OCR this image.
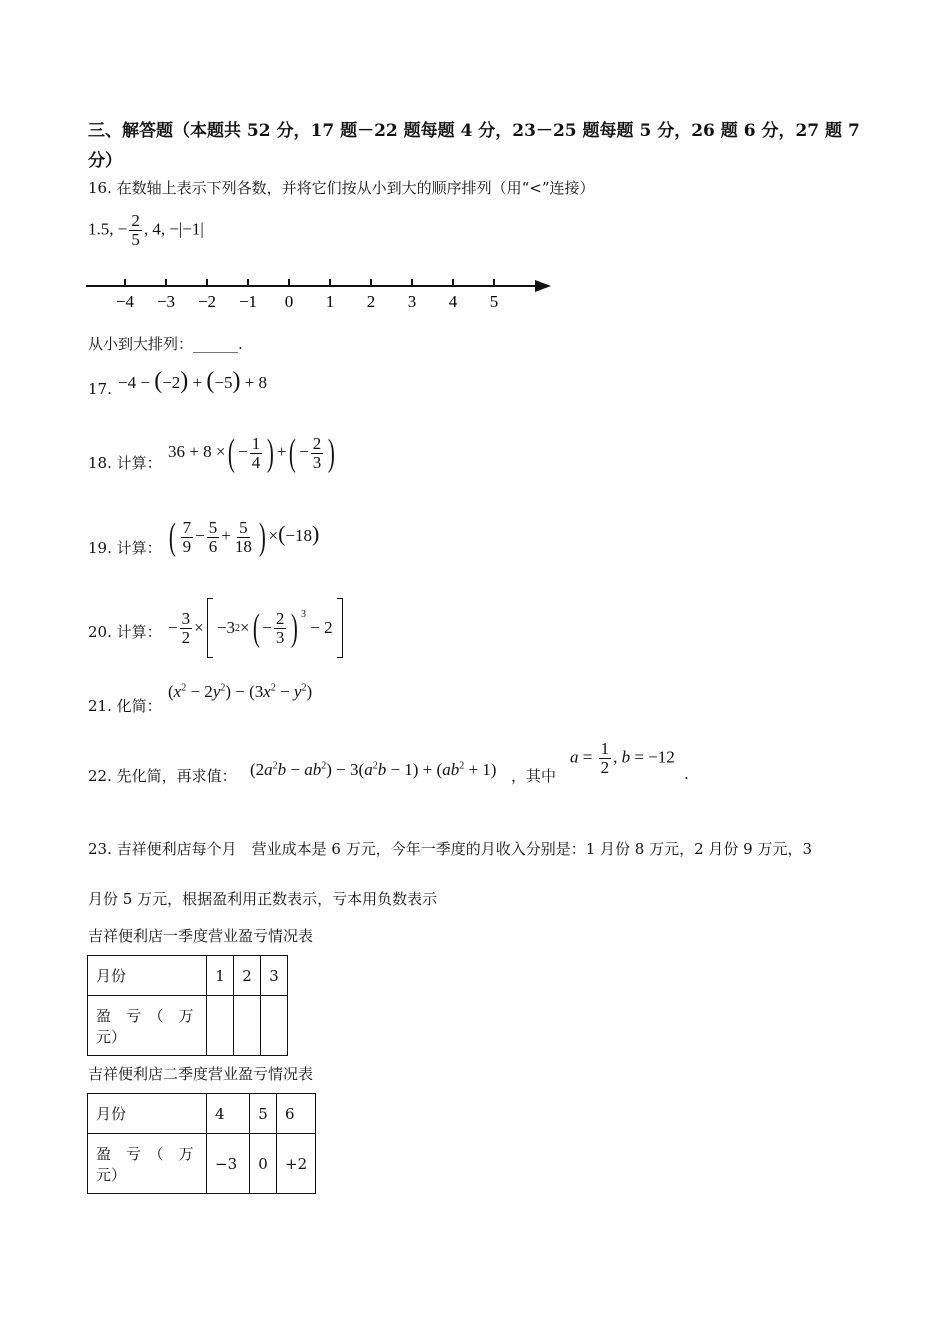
三、解答题（本题共 52 分，17 题－22 题每题 4 分，23－25 题每题 5 分，26 题 6 分，27 题 7 分）
16. 在数轴上表示下列各数，并将它们按从小到大的顺序排列（用“<”连接）
1.5, − $\frac{2}{5}$ , 4, −|−1|
−4 −3 −2 −1 0 1 2 3 4 5
从小到大排列：______.
17. −4 − (−2) + (−5) + 8
18. 计算：
36 + 8 ×( − $\frac{1}{4}$ ) +( − $\frac{2}{3}$ )
19. 计算： ( $\frac{7}{9} - \frac{5}{6} + \frac{5}{18}$ ) ×(−18)
20. 计算： − $\frac{3}{2}$ ×
−3 2 × ( − $\frac{2}{3}$ ) $^3$
− 2
21. 化简：
$(x^2 - 2y^2) - (3x^2 - y^2)$
22. 先化简，再求值： $(2a^2b - ab^2) - 3(a^2b - 1) + (ab^2 + 1)$ ，其中
$a = \frac{1}{2}$ , b = −12
.
23. 吉祥便利店每个月　营业成本是 6 万元，今年一季度的月收入分别是：1 月份 8 万元，2 月份 9 万元，3
月份 5 万元，根据盈利用正数表示，亏本用负数表示
吉祥便利店一季度营业盈亏情况表
月份	1	2	3

盈　亏　（　万
元）			

吉祥便利店二季度营业盈亏情况表
月份	4	5	6

盈　亏　（　万
元）	−3	0	+2
